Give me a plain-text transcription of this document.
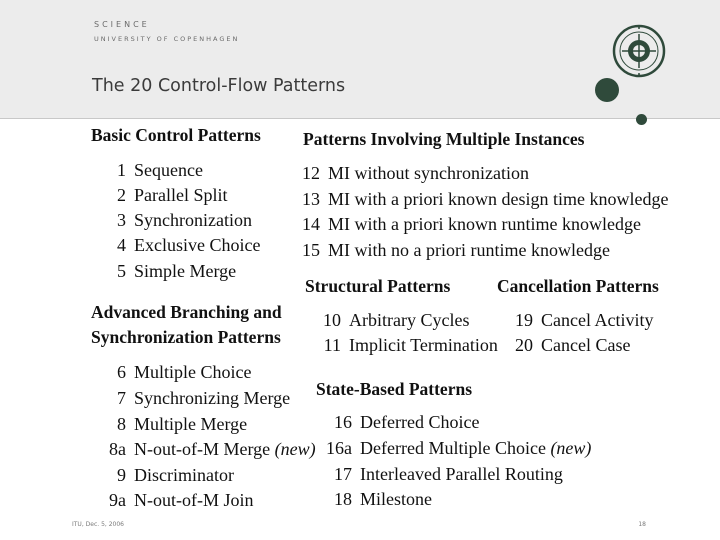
SCIENCE
UNIVERSITY OF COPENHAGEN
The 20 Control-Flow Patterns
Basic Control Patterns
1 Sequence
2 Parallel Split
3 Synchronization
4 Exclusive Choice
5 Simple Merge
Advanced Branching and
Synchronization Patterns
6 Multiple Choice
7 Synchronizing Merge
8 Multiple Merge
8a N-out-of-M Merge (new)
9 Discriminator
9a N-out-of-M Join
Patterns Involving Multiple Instances
12 MI without synchronization
13 MI with a priori known design time knowledge
14 MI with a priori known runtime knowledge
15 MI with no a priori runtime knowledge
Structural Patterns
10 Arbitrary Cycles
11 Implicit Termination
Cancellation Patterns
19 Cancel Activity
20 Cancel Case
State-Based Patterns
16 Deferred Choice
16a Deferred Multiple Choice (new)
17 Interleaved Parallel Routing
18 Milestone
ITU, Dec. 5, 2006	18
